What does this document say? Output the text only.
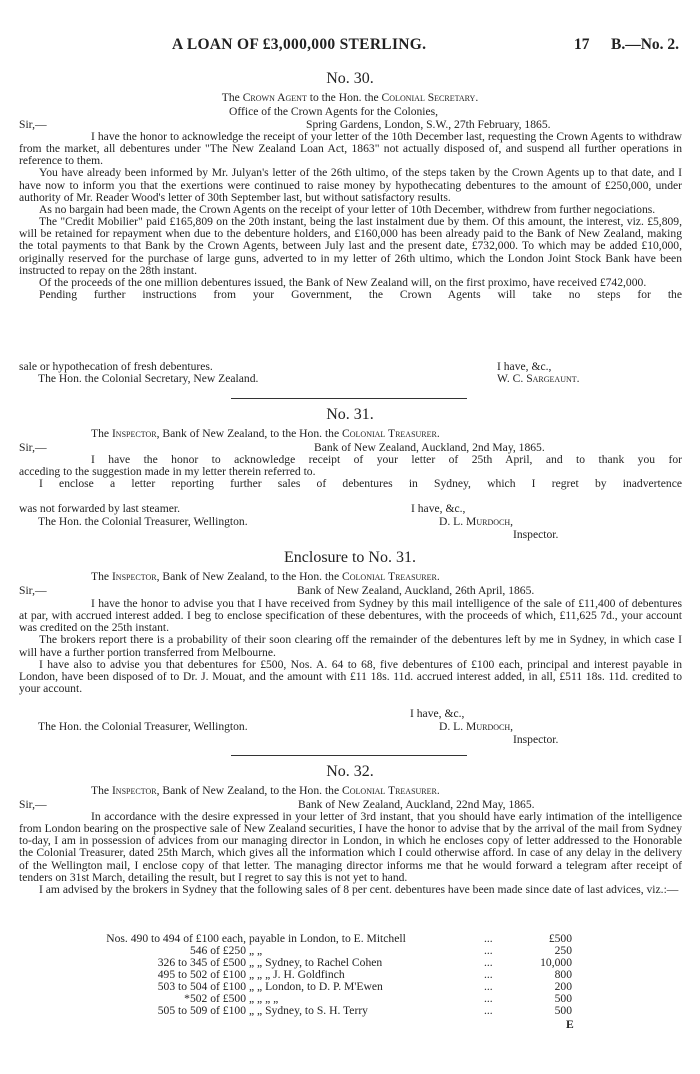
A LOAN OF £3,000,000 STERLING.	17 B.—No. 2.
No. 30.
The Crown Agent to the Hon. the Colonial Secretary.
Office of the Crown Agents for the Colonies,
Sir,—	Spring Gardens, London, S.W., 27th February, 1865.

I have the honor to acknowledge the receipt of your letter of the 10th December last, requesting the Crown Agents to withdraw from the market, all debentures under "The New Zealand Loan Act, 1863" not actually disposed of, and suspend all further operations in reference to them.

You have already been informed by Mr. Julyan's letter of the 26th ultimo, of the steps taken by the Crown Agents up to that date, and I have now to inform you that the exertions were continued to raise money by hypothecating debentures to the amount of £250,000, under authority of Mr. Reader Wood's letter of 30th September last, but without satisfactory results.

As no bargain had been made, the Crown Agents on the receipt of your letter of 10th December, withdrew from further negociations.

The "Credit Mobilier" paid £165,809 on the 20th instant, being the last instalment due by them. Of this amount, the interest, viz. £5,809, will be retained for repayment when due to the debenture holders, and £160,000 has been already paid to the Bank of New Zealand, making the total payments to that Bank by the Crown Agents, between July last and the present date, £732,000. To which may be added £10,000, originally reserved for the purchase of large guns, adverted to in my letter of 26th ultimo, which the London Joint Stock Bank have been instructed to repay on the 28th instant.

Of the proceeds of the one million debentures issued, the Bank of New Zealand will, on the first proximo, have received £742,000.

Pending further instructions from your Government, the Crown Agents will take no steps for the

sale or hypothecation of fresh debentures.	I have, &c.,
The Hon. the Colonial Secretary, New Zealand.	W. C. Sargeaunt.
No. 31.
The Inspector, Bank of New Zealand, to the Hon. the Colonial Treasurer.
Sir,—	Bank of New Zealand, Auckland, 2nd May, 1865.

I have the honor to acknowledge receipt of your letter of 25th April, and to thank you for

acceding to the suggestion made in my letter therein referred to.

I enclose a letter reporting further sales of debentures in Sydney, which I regret by inadvertence

was not forwarded by last steamer.	I have, &c.,
The Hon. the Colonial Treasurer, Wellington.	D. L. Murdoch,
Inspector.
Enclosure to No. 31.
The Inspector, Bank of New Zealand, to the Hon. the Colonial Treasurer.
Sir,—	Bank of New Zealand, Auckland, 26th April, 1865.

I have the honor to advise you that I have received from Sydney by this mail intelligence of the sale of £11,400 of debentures at par, with accrued interest added. I beg to enclose specification of these debentures, with the proceeds of which, £11,625 7d., your account was credited on the 25th instant.

The brokers report there is a probability of their soon clearing off the remainder of the debentures left by me in Sydney, in which case I will have a further portion transferred from Melbourne.

I have also to advise you that debentures for £500, Nos. A. 64 to 68, five debentures of £100 each, principal and interest payable in London, have been disposed of to Dr. J. Mouat, and the amount with £11 18s. 11d. accrued interest added, in all, £511 18s. 11d. credited to your account.

I have, &c.,
The Hon. the Colonial Treasurer, Wellington.	D. L. Murdoch,
Inspector.
No. 32.
The Inspector, Bank of New Zealand, to the Hon. the Colonial Treasurer.
Sir,—	Bank of New Zealand, Auckland, 22nd May, 1865.

In accordance with the desire expressed in your letter of 3rd instant, that you should have early intimation of the intelligence from London bearing on the prospective sale of New Zealand securities, I have the honor to advise that by the arrival of the mail from Sydney to-day, I am in possession of advices from our managing director in London, in which he encloses copy of letter addressed to the Honorable the Colonial Treasurer, dated 25th March, which gives all the information which I could otherwise afford. In case of any delay in the delivery of the Wellington mail, I enclose copy of that letter. The managing director informs me that he would forward a telegram after receipt of tenders on 31st March, detailing the result, but I regret to say this is not yet to hand.

I am advised by the brokers in Sydney that the following sales of 8 per cent. debentures have been made since date of last advices, viz.:—

Nos. 490 to 494 of £100 each, payable in London, to E. Mitchell	...	£500
546 of £250 „ „	...	250
326 to 345 of £500 „ „ Sydney, to Rachel Cohen	...	10,000
495 to 502 of £100 „ „ „ J. H. Goldfinch	...	800
503 to 504 of £100 „ „ London, to D. P. M'Ewen	...	200
*502 of £500 „ „ „ „	...	500
505 to 509 of £100 „ „ Sydney, to S. H. Terry	...	500
E
